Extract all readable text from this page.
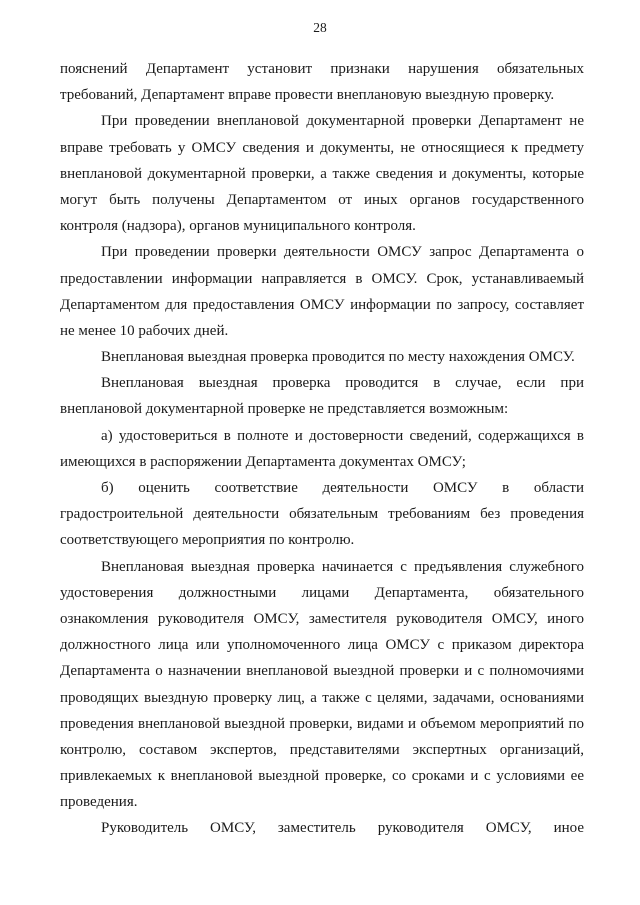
28
пояснений Департамент установит признаки нарушения обязательных
требований, Департамент вправе провести внеплановую выездную проверку.
При проведении внеплановой документарной проверки Департамент не
вправе требовать у ОМСУ сведения и документы, не относящиеся к предмету
внеплановой документарной проверки, а также сведения и документы, которые
могут быть получены Департаментом от иных органов государственного
контроля (надзора), органов муниципального контроля.
При проведении проверки деятельности ОМСУ запрос Департамента о
предоставлении информации направляется в ОМСУ. Срок, устанавливаемый
Департаментом для предоставления ОМСУ информации по запросу, составляет
не менее 10 рабочих дней.
Внеплановая выездная проверка проводится по месту нахождения ОМСУ.
Внеплановая выездная проверка проводится в случае, если при
внеплановой документарной проверке не представляется возможным:
а) удостовериться в полноте и достоверности сведений, содержащихся в
имеющихся в распоряжении Департамента документах ОМСУ;
б) оценить соответствие деятельности ОМСУ в области
градостроительной деятельности обязательным требованиям без проведения
соответствующего мероприятия по контролю.
Внеплановая выездная проверка начинается с предъявления служебного
удостоверения должностными лицами Департамента, обязательного
ознакомления руководителя ОМСУ, заместителя руководителя ОМСУ, иного
должностного лица или уполномоченного лица ОМСУ с приказом директора
Департамента о назначении внеплановой выездной проверки и с полномочиями
проводящих выездную проверку лиц, а также с целями, задачами, основаниями
проведения внеплановой выездной проверки, видами и объемом мероприятий по
контролю, составом экспертов, представителями экспертных организаций,
привлекаемых к внеплановой выездной проверке, со сроками и с условиями ее
проведения.
Руководитель ОМСУ, заместитель руководителя ОМСУ, иное
